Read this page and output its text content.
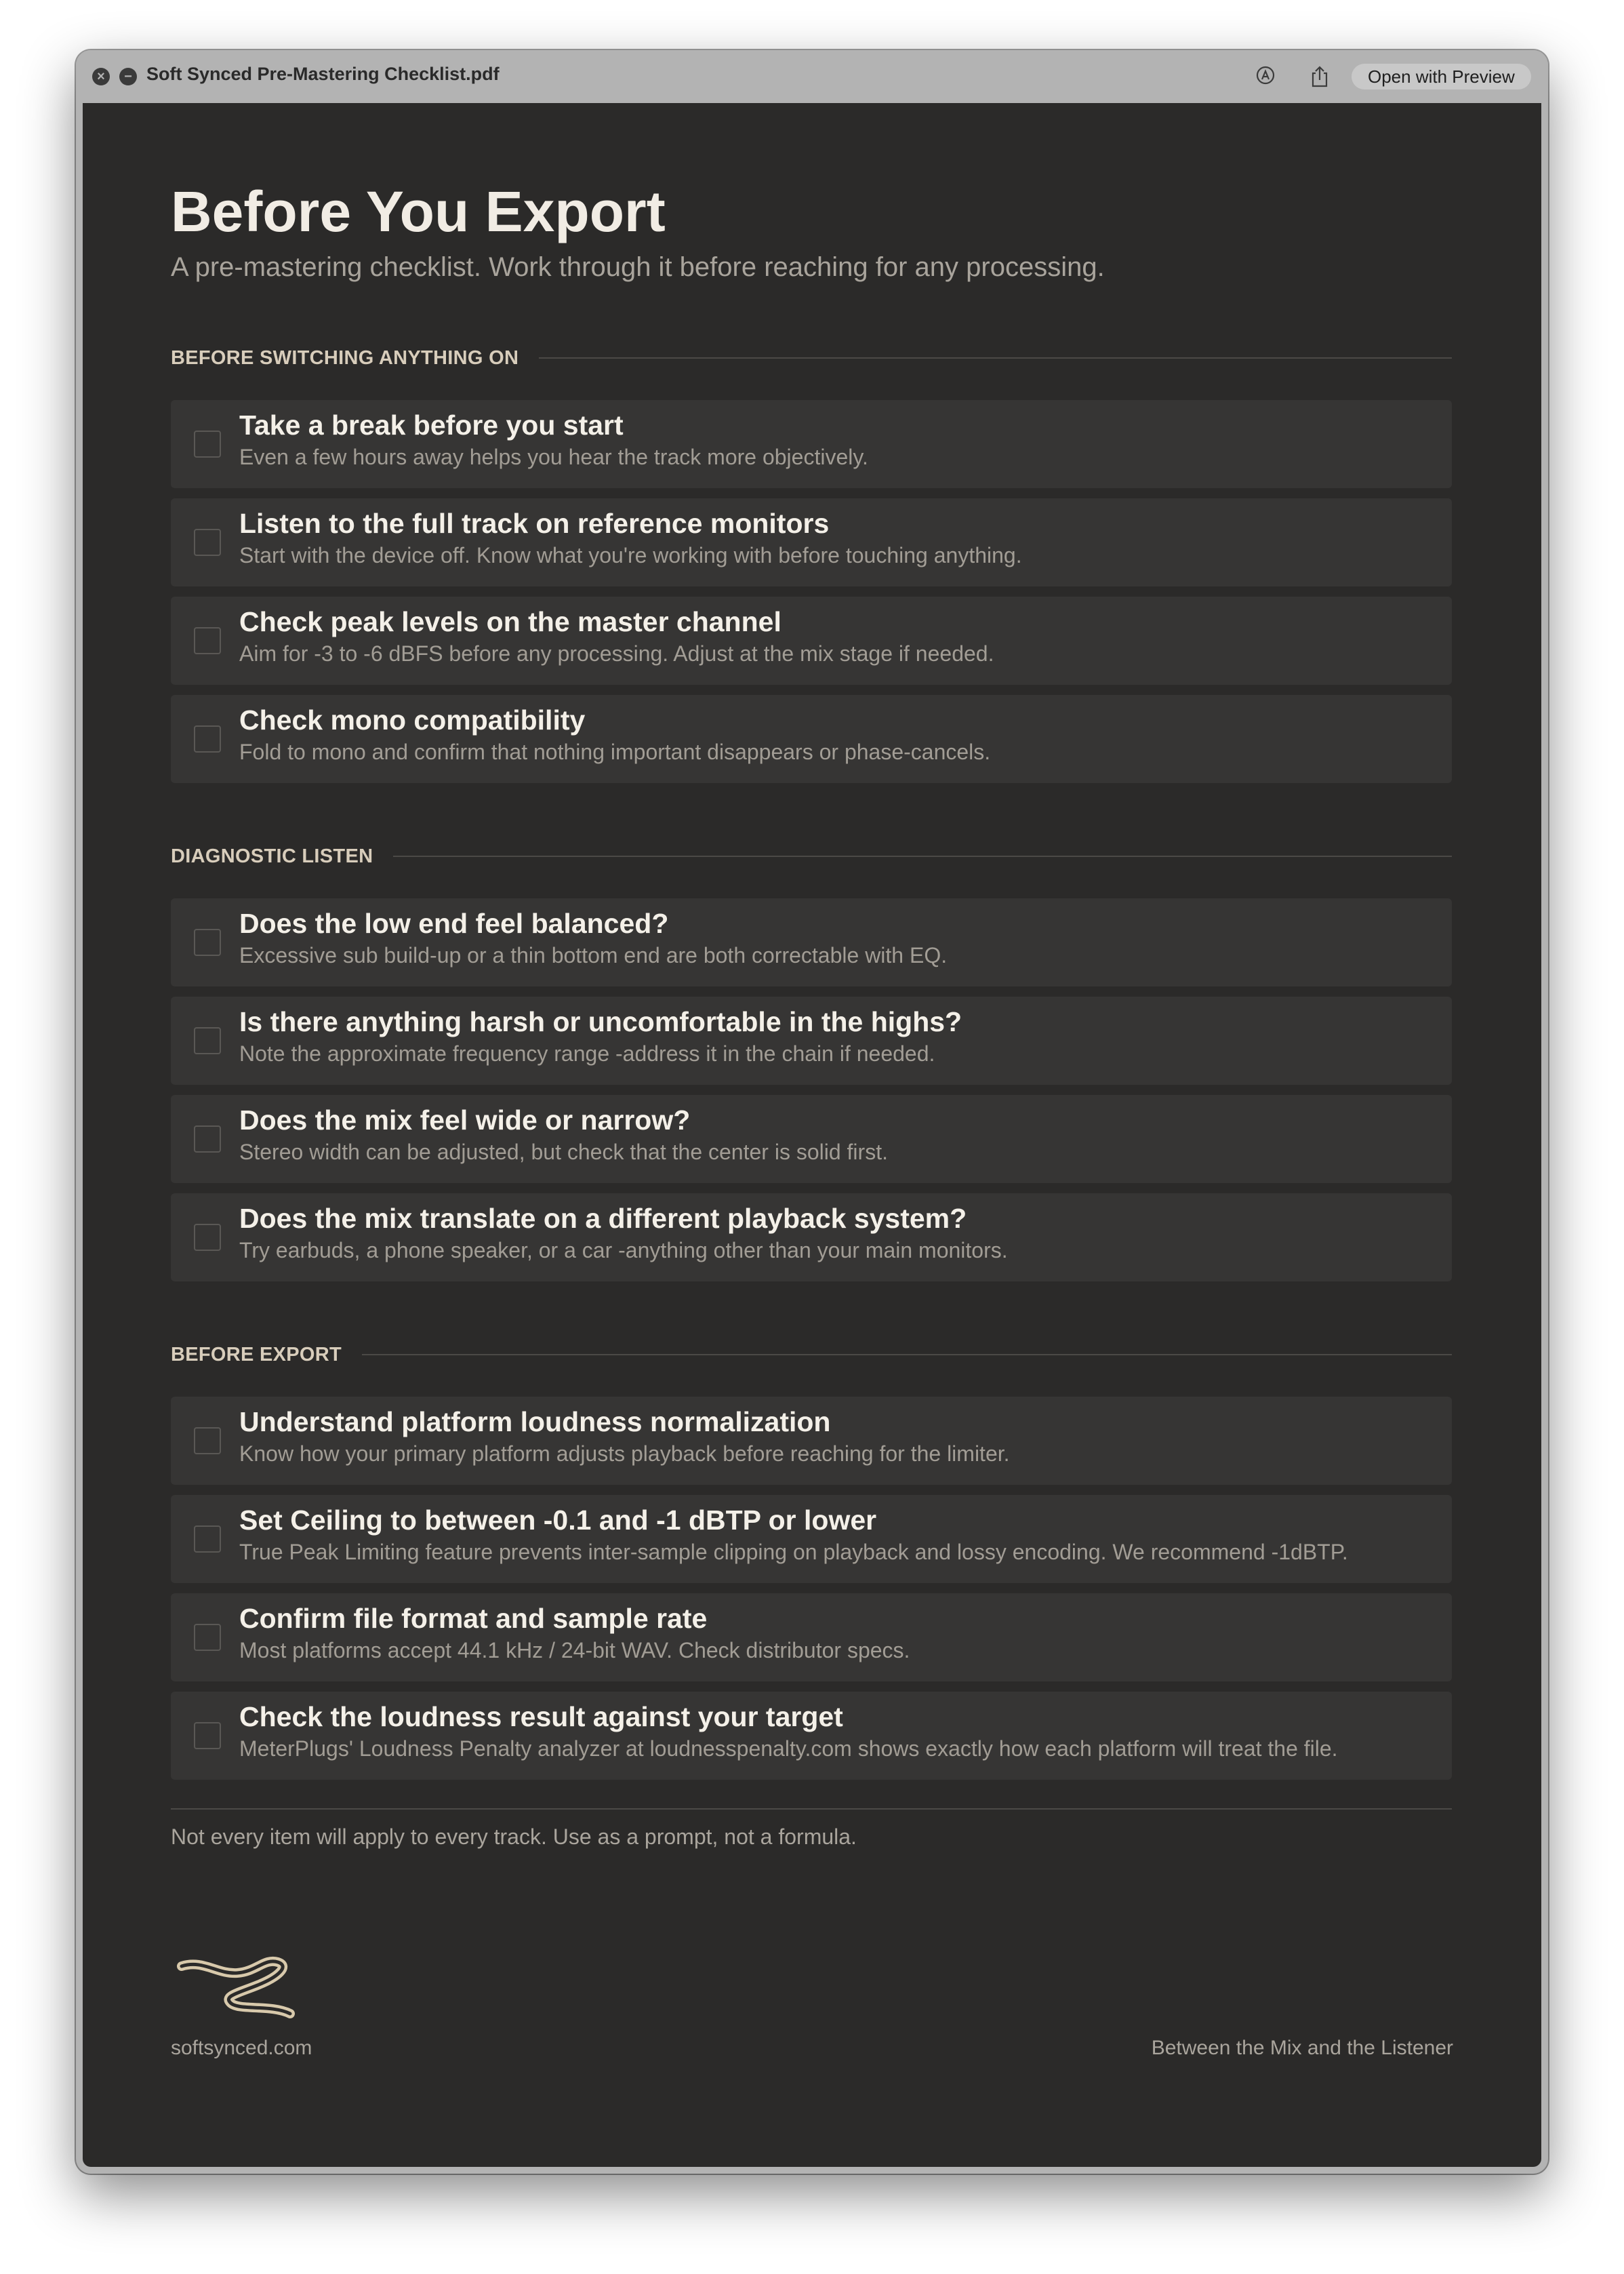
×	− Soft Synced Pre-Mastering Checklist.pdf	Open with Preview
Before You Export
A pre-mastering checklist. Work through it before reaching for any processing.
BEFORE SWITCHING ANYTHING ON
Take a break before you start
Even a few hours away helps you hear the track more objectively.
Listen to the full track on reference monitors
Start with the device off. Know what you're working with before touching anything.
Check peak levels on the master channel
Aim for -3 to -6 dBFS before any processing. Adjust at the mix stage if needed.
Check mono compatibility
Fold to mono and confirm that nothing important disappears or phase-cancels.
DIAGNOSTIC LISTEN
Does the low end feel balanced?
Excessive sub build-up or a thin bottom end are both correctable with EQ.
Is there anything harsh or uncomfortable in the highs?
Note the approximate frequency range -address it in the chain if needed.
Does the mix feel wide or narrow?
Stereo width can be adjusted, but check that the center is solid first.
Does the mix translate on a different playback system?
Try earbuds, a phone speaker, or a car -anything other than your main monitors.
BEFORE EXPORT
Understand platform loudness normalization
Know how your primary platform adjusts playback before reaching for the limiter.
Set Ceiling to between -0.1 and -1 dBTP or lower
True Peak Limiting feature prevents inter-sample clipping on playback and lossy encoding. We recommend -1dBTP.
Confirm file format and sample rate
Most platforms accept 44.1 kHz / 24-bit WAV. Check distributor specs.
Check the loudness result against your target
MeterPlugs' Loudness Penalty analyzer at loudnesspenalty.com shows exactly how each platform will treat the file.
Not every item will apply to every track. Use as a prompt, not a formula.
softsynced.com	Between the Mix and the Listener
